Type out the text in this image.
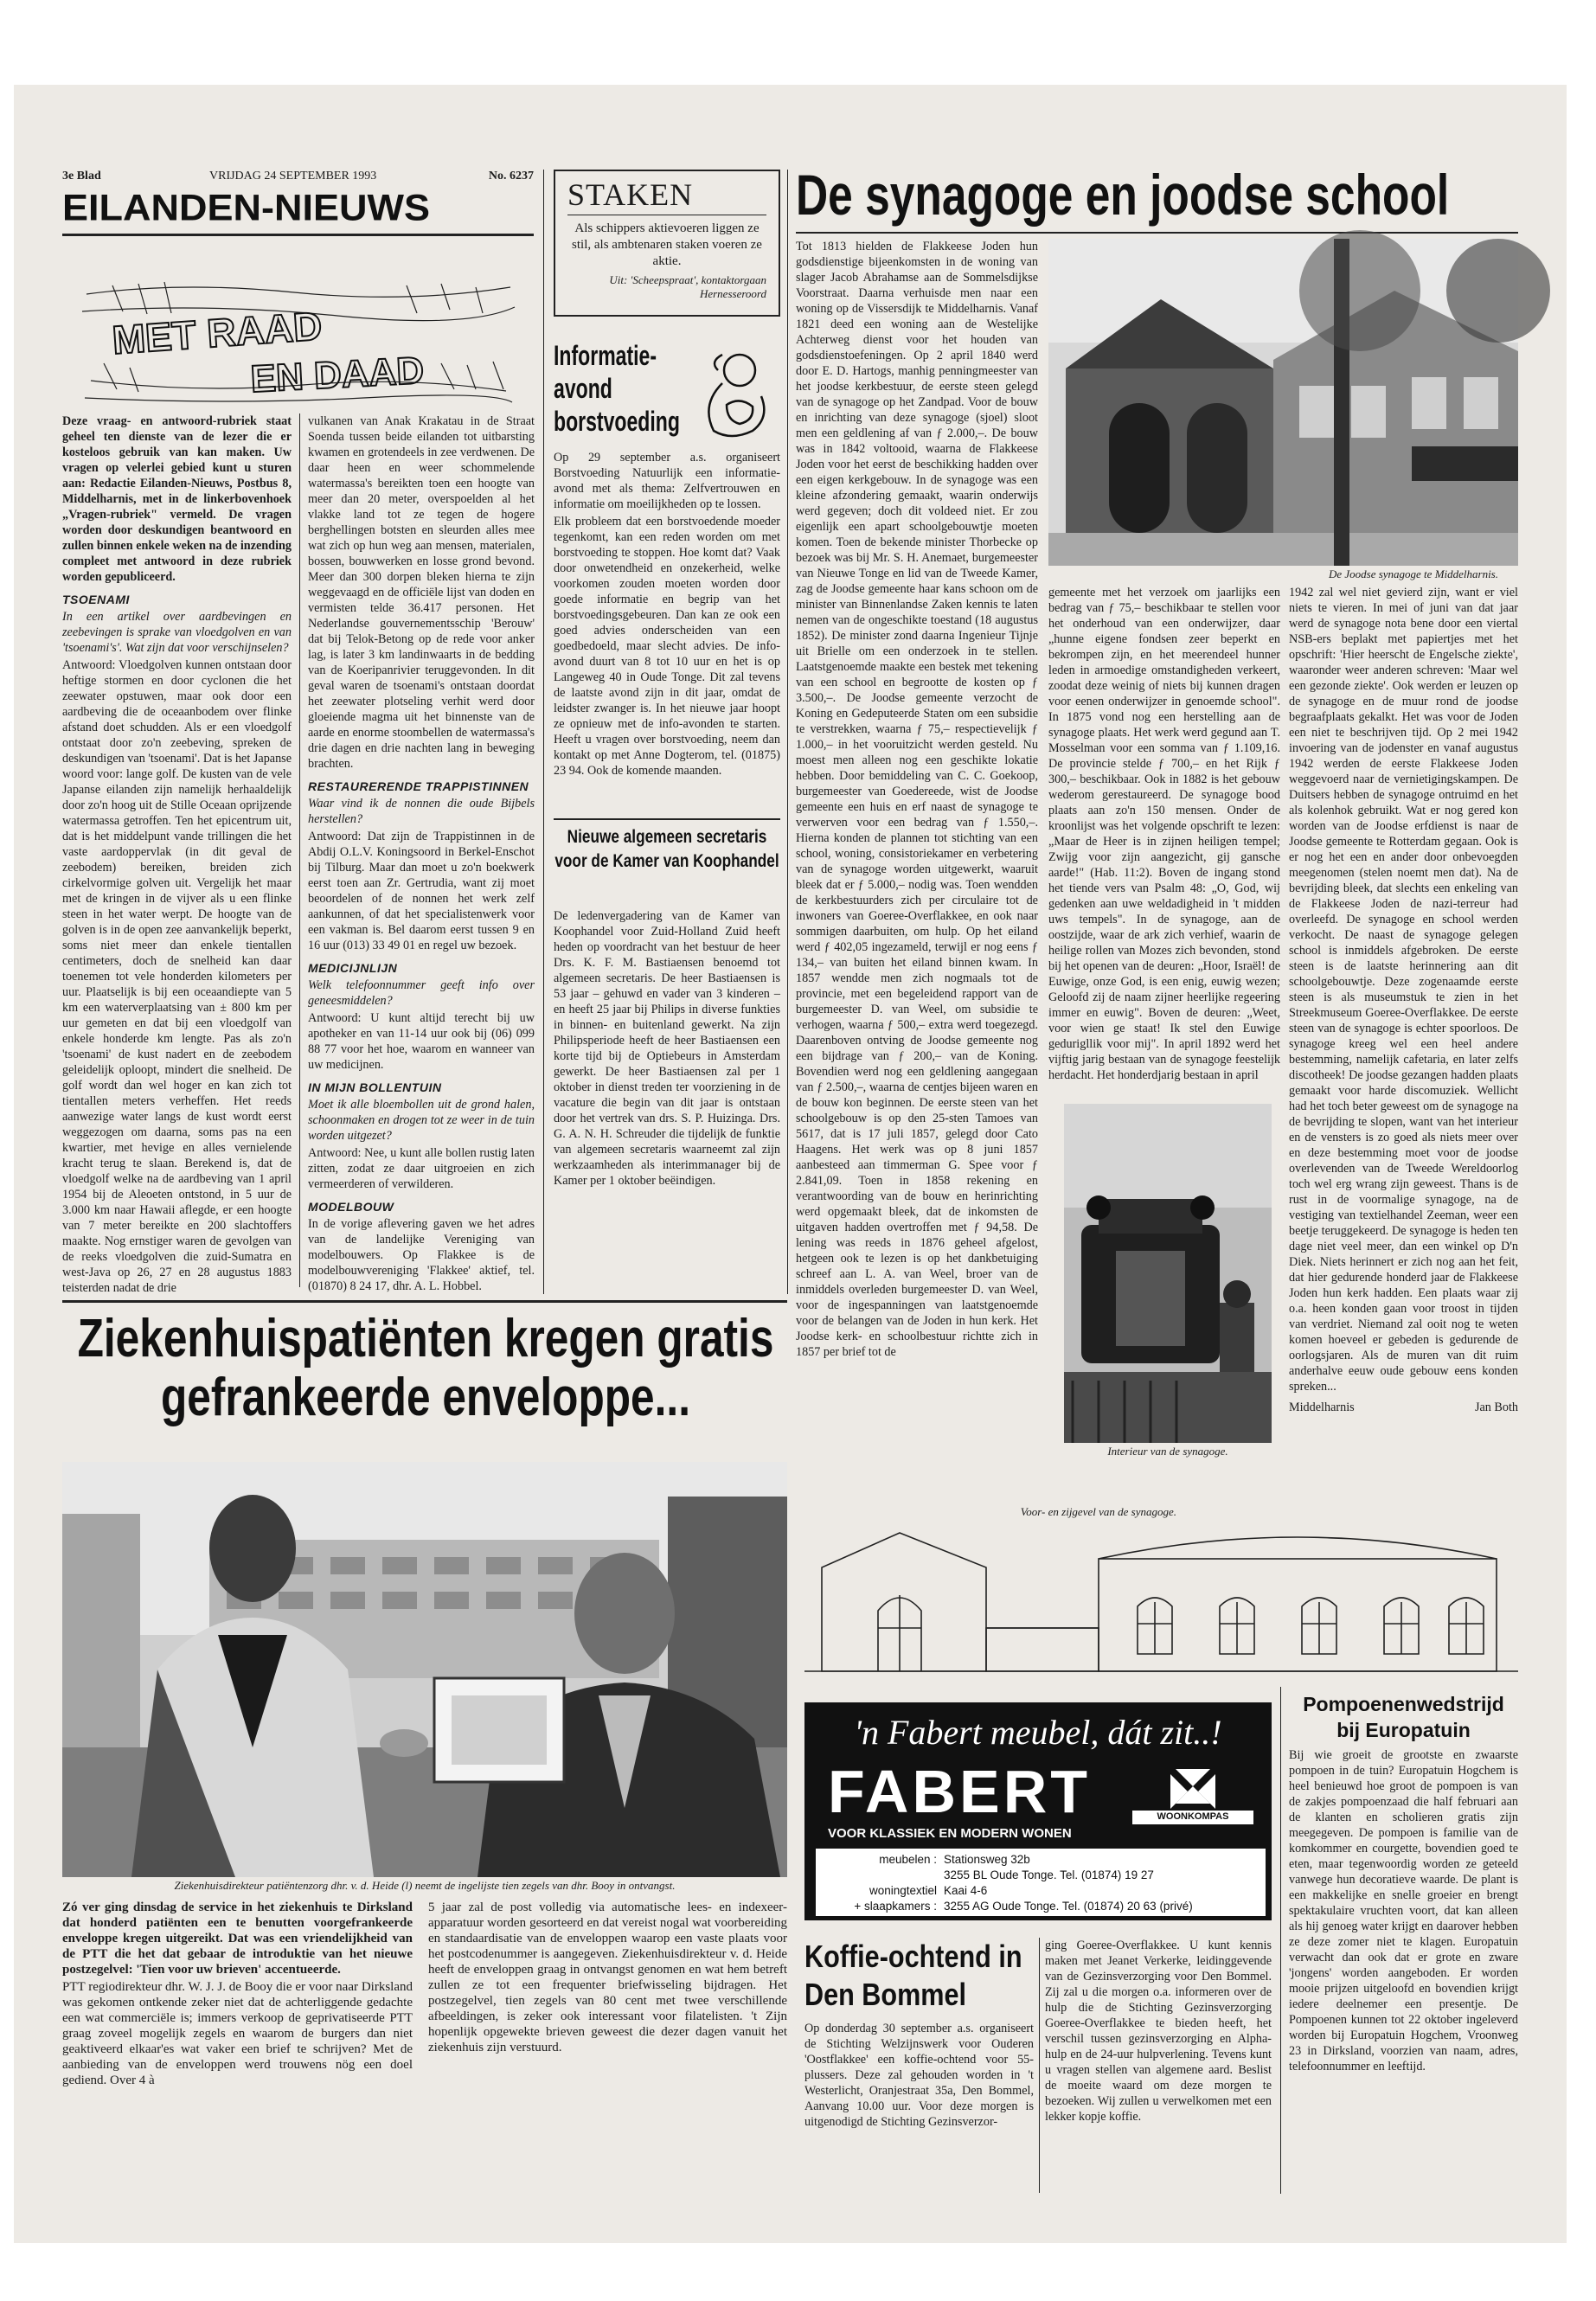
3e Blad	VRIJDAG 24 SEPTEMBER 1993	No. 6237
EILANDEN-NIEUWS
MET RAAD
EN DAAD

Deze vraag- en antwoord-rubriek staat geheel ten dienste van de lezer die er kosteloos gebruik van kan maken. Uw vragen op velerlei gebied kunt u sturen aan: Redactie Eilanden-Nieuws, Postbus 8, Middelharnis, met in de linkerbovenhoek „Vragen-rubriek" vermeld. De vragen worden door deskundigen beantwoord en zullen binnen enkele weken na de inzending compleet met antwoord in deze rubriek worden gepubliceerd.

TSOENAMI

In een artikel over aardbevingen en zeebevingen is sprake van vloedgolven en van 'tsoenami's'. Wat zijn dat voor verschijnselen?

Antwoord: Vloedgolven kunnen ontstaan door heftige stormen en door cyclonen die het zeewater opstuwen, maar ook door een aardbeving die de oceaanbodem over flinke afstand doet schudden. Als er een vloedgolf ontstaat door zo'n zeebeving, spreken de deskundigen van 'tsoenami'. Dat is het Japanse woord voor: lange golf. De kusten van de vele Japanse eilanden zijn namelijk herhaaldelijk door zo'n hoog uit de Stille Oceaan oprijzende watermassa getroffen. Ten het epicentrum uit, dat is het middelpunt vande trillingen die het vaste aardoppervlak (in dit geval de zeebodem) bereiken, breiden zich cirkelvormige golven uit. Vergelijk het maar met de kringen in de vijver als u een flinke steen in het water werpt. De hoogte van de golven is in de open zee aanvankelijk beperkt, soms niet meer dan enkele tientallen centimeters, doch de snelheid kan daar toenemen tot vele honderden kilometers per uur. Plaatselijk is bij een oceaandiepte van 5 km een waterverplaatsing van ± 800 km per uur gemeten en dat bij een vloedgolf van enkele honderde km lengte. Pas als zo'n 'tsoenami' de kust nadert en de zeebodem geleidelijk oploopt, mindert die snelheid. De golf wordt dan wel hoger en kan zich tot tientallen meters verheffen. Het reeds aanwezige water langs de kust wordt eerst weggezogen om daarna, soms pas na een kwartier, met hevige en alles vernielende kracht terug te slaan. Berekend is, dat de vloedgolf welke na de aardbeving van 1 april 1954 bij de Aleoeten ontstond, in 5 uur de 3.000 km naar Hawaii aflegde, er een hoogte van 7 meter bereikte en 200 slachtoffers maakte. Nog ernstiger waren de gevolgen van de reeks vloedgolven die zuid-Sumatra en west-Java op 26, 27 en 28 augustus 1883 teisterden nadat de drie

vulkanen van Anak Krakatau in de Straat Soenda tussen beide eilanden tot uitbarsting kwamen en grotendeels in zee verdwenen. De daar heen en weer schommelende watermassa's bereikten toen een hoogte van meer dan 20 meter, overspoelden al het vlakke land tot ze tegen de hogere berghellingen botsten en sleurden alles mee wat zich op hun weg aan mensen, materialen, bossen, bouwwerken en losse grond bevond. Meer dan 300 dorpen bleken hierna te zijn weggevaagd en de officiële lijst van doden en vermisten telde 36.417 personen. Het Nederlandse gouvernementsschip 'Berouw' dat bij Telok-Betong op de rede voor anker lag, is later 3 km landinwaarts in de bedding van de Koeripanrivier teruggevonden. In dit geval waren de tsoenami's ontstaan doordat het zeewater plotseling verhit werd door gloeiende magma uit het binnenste van de aarde en enorme stoombellen de watermassa's drie dagen en drie nachten lang in beweging brachten.

RESTAURERENDE TRAPPISTINNEN

Waar vind ik de nonnen die oude Bijbels herstellen?

Antwoord: Dat zijn de Trappistinnen in de Abdij O.L.V. Koningsoord in Berkel-Enschot bij Tilburg. Maar dan moet u zo'n boekwerk eerst toen aan Zr. Gertrudia, want zij moet beoordelen of de nonnen het werk zelf aankunnen, of dat het specialistenwerk voor een vakman is. Bel daarom eerst tussen 9 en 16 uur (013) 33 49 01 en regel uw bezoek.

MEDICIJNLIJN

Welk telefoonnummer geeft info over geneesmiddelen?

Antwoord: U kunt altijd terecht bij uw apotheker en van 11-14 uur ook bij (06) 099 88 77 voor het hoe, waarom en wanneer van uw medicijnen.

IN MIJN BOLLENTUIN

Moet ik alle bloembollen uit de grond halen, schoonmaken en drogen tot ze weer in de tuin worden uitgezet?

Antwoord: Nee, u kunt alle bollen rustig laten zitten, zodat ze daar uitgroeien en zich vermeerderen of verwilderen.

MODELBOUW

In de vorige aflevering gaven we het adres van de landelijke Vereniging van modelbouwers. Op Flakkee is de modelbouwvereniging 'Flakkee' aktief, tel. (01870) 8 24 17, dhr. A. L. Hobbel.

STAKEN
Als schippers aktievoeren liggen ze stil, als ambtenaren staken voeren ze aktie.
Uit: 'Scheepspraat', kontaktorgaan Hernesseroord
Informatie-avond borstvoeding

Op 29 september a.s. organiseert Borstvoeding Natuurlijk een informatie-avond met als thema: Zelfvertrouwen en informatie om moeilijkheden op te lossen.

Elk probleem dat een borstvoedende moeder tegenkomt, kan een reden worden om met borstvoeding te stoppen. Hoe komt dat? Vaak door onwetendheid en onzekerheid, welke voorkomen zouden moeten worden door goede informatie en begrip van het borstvoedingsgebeuren. Dan kan ze ook een goed advies onderscheiden van een goedbedoeld, maar slecht advies. De info-avond duurt van 8 tot 10 uur en het is op Langeweg 40 in Oude Tonge. Dit zal tevens de laatste avond zijn in dit jaar, omdat de leidster zwanger is. In het nieuwe jaar hoopt ze opnieuw met de info-avonden te starten. Heeft u vragen over borstvoeding, neem dan kontakt op met Anne Dogterom, tel. (01875) 23 94. Ook de komende maanden.

Nieuwe algemeen secretaris voor de Kamer van Koophandel

De ledenvergadering van de Kamer van Koophandel voor Zuid-Holland Zuid heeft heden op voordracht van het bestuur de heer Drs. K. F. M. Bastiaensen benoemd tot algemeen secretaris. De heer Bastiaensen is 53 jaar – gehuwd en vader van 3 kinderen – en heeft 25 jaar bij Philips in diverse funkties in binnen- en buitenland gewerkt. Na zijn Philipsperiode heeft de heer Bastiaensen een korte tijd bij de Optiebeurs in Amsterdam gewerkt. De heer Bastiaensen zal per 1 oktober in dienst treden ter voorziening in de vacature die begin van dit jaar is ontstaan door het vertrek van drs. S. P. Huizinga. Drs. G. A. N. H. Schreuder die tijdelijk de funktie van algemeen secretaris waarneemt zal zijn werkzaamheden als interimmanager bij de Kamer per 1 oktober beëindigen.

De synagoge en joodse school

Tot 1813 hielden de Flakkeese Joden hun godsdienstige bijeenkomsten in de woning van slager Jacob Abrahamse aan de Sommelsdijkse Voorstraat. Daarna verhuisde men naar een woning op de Vissersdijk te Middelharnis. Vanaf 1821 deed een woning aan de Westelijke Achterweg dienst voor het houden van godsdienstoefeningen. Op 2 april 1840 werd door E. D. Hartogs, manhig penningmeester van het joodse kerkbestuur, de eerste steen gelegd van de synagoge op het Zandpad. Voor de bouw en inrichting van deze synagoge (sjoel) sloot men een geldlening af van ƒ 2.000,–. De bouw was in 1842 voltooid, waarna de Flakkeese Joden voor het eerst de beschikking hadden over een eigen kerkgebouw. In de synagoge was een kleine afzondering gemaakt, waarin onderwijs werd gegeven; doch dit voldeed niet. Er zou eigenlijk een apart schoolgebouwtje moeten komen. Toen de bekende minister Thorbecke op bezoek was bij Mr. S. H. Anemaet, burgemeester van Nieuwe Tonge en lid van de Tweede Kamer, zag de Joodse gemeente haar kans schoon om de minister van Binnenlandse Zaken kennis te laten nemen van de ongeschikte toestand (18 augustus 1852). De minister zond daarna Ingenieur Tijnje uit Brielle om een onderzoek in te stellen. Laatstgenoemde maakte een bestek met tekening van een school en begrootte de kosten op ƒ 3.500,–. De Joodse gemeente verzocht de Koning en Gedeputeerde Staten om een subsidie te verstrekken, waarna ƒ 75,– respectievelijk ƒ 1.000,– in het vooruitzicht werden gesteld. Nu moest men alleen nog een geschikte lokatie hebben. Door bemiddeling van C. C. Goekoop, burgemeester van Goedereede, wist de Joodse gemeente een huis en erf naast de synagoge te verwerven voor een bedrag van ƒ 1.550,–. Hierna konden de plannen tot stichting van een school, woning, consistoriekamer en verbetering van de synagoge worden uitgewerkt, waaruit bleek dat er ƒ 5.000,– nodig was. Toen wendden de kerkbestuurders zich per circulaire tot de inwoners van Goeree-Overflakkee, en ook naar sommigen daarbuiten, om hulp. Op het eiland werd ƒ 402,05 ingezameld, terwijl er nog eens ƒ 134,– van buiten het eiland binnen kwam. In 1857 wendde men zich nogmaals tot de provincie, met een begeleidend rapport van de burgemeester D. van Weel, om subsidie te verhogen, waarna ƒ 500,– extra werd toegezegd. Daarenboven ontving de Joodse gemeente nog een bijdrage van ƒ 200,– van de Koning. Bovendien werd nog een geldlening aangegaan van ƒ 2.500,–, waarna de centjes bijeen waren en de bouw kon beginnen. De eerste steen van het schoolgebouw is op den 25-sten Tamoes van 5617, dat is 17 juli 1857, gelegd door Cato Haagens. Het werk was op 8 juni 1857 aanbesteed aan timmerman G. Spee voor ƒ 2.841,09. Toen in 1858 rekening en verantwoording van de bouw en herinrichting werd opgemaakt bleek, dat de inkomsten de uitgaven hadden overtroffen met ƒ 94,58. De lening was reeds in 1876 geheel afgelost, hetgeen ook te lezen is op het dankbetuiging schreef aan L. A. van Weel, broer van de inmiddels overleden burgemeester D. van Weel, voor de ingespanningen van laatstgenoemde voor de belangen van de Joden in hun kerk. Het Joodse kerk- en schoolbestuur richtte zich in 1857 per brief tot de

De Joodse synagoge te Middelharnis.

gemeente met het verzoek om jaarlijks een bedrag van ƒ 75,– beschikbaar te stellen voor het onderhoud van een onderwijzer, daar „hunne eigene fondsen zeer beperkt en bekrompen zijn, en het meerendeel hunner leden in armoedige omstandigheden verkeert, zoodat deze weinig of niets bij kunnen dragen voor eenen onderwijzer in genoemde school". In 1875 vond nog een herstelling aan de synagoge plaats. Het werk werd gegund aan T. Mosselman voor een somma van ƒ 1.109,16. De provincie stelde ƒ 700,– en het Rijk ƒ 300,– beschikbaar. Ook in 1882 is het gebouw wederom gerestaureerd. De synagoge bood plaats aan zo'n 150 mensen. Onder de kroonlijst was het volgende opschrift te lezen: „Maar de Heer is in zijnen heiligen tempel; Zwijg voor zijn aangezicht, gij gansche aarde!" (Hab. 11:2). Boven de ingang stond het tiende vers van Psalm 48: „O, God, wij gedenken aan uwe weldadigheid in 't midden uws tempels". In de synagoge, aan de oostzijde, waar de ark zich verhief, waarin de heilige rollen van Mozes zich bevonden, stond bij het openen van de deuren: „Hoor, Israël! de Euwige, onze God, is een enig, euwig wezen; Geloofd zij de naam zijner heerlijke regeering immer en euwig". Boven de deuren: „Weet, voor wien ge staat! Ik stel den Euwige gedurigllik voor mij". In april 1892 werd het vijftig jarig bestaan van de synagoge feestelijk herdacht. Het honderdjarig bestaan in april

1942 zal wel niet gevierd zijn, want er viel niets te vieren. In mei of juni van dat jaar werd de synagoge nota bene door een viertal NSB-ers beplakt met papiertjes met het opschrift: 'Hier heerscht de Engelsche ziekte', waaronder weer anderen schreven: 'Maar wel een gezonde ziekte'. Ook werden er leuzen op de synagoge en de muur rond de joodse begraafplaats gekalkt. Het was voor de Joden een niet te beschrijven tijd. Op 2 mei 1942 invoering van de jodenster en vanaf augustus 1942 werden de eerste Flakkeese Joden weggevoerd naar de vernietigingskampen. De Duitsers hebben de synagoge ontruimd en het als kolenhok gebruikt. Wat er nog gered kon worden van de Joodse erfdienst is naar de Joodse gemeente te Rotterdam gegaan. Ook is er nog het een en ander door onbevoegden meegenomen (stelen noemt men dat). Na de bevrijding bleek, dat slechts een enkeling van de Flakkeese Joden de nazi-terreur had overleefd. De synagoge en school werden verkocht. De naast de synagoge gelegen school is inmiddels afgebroken. De eerste steen is de laatste herinnering aan dit schoolgebouwtje. Deze zogenaamde eerste steen is als museumstuk te zien in het Streekmuseum Goeree-Overflakkee. De eerste steen van de synagoge is echter spoorloos. De synagoge kreeg wel een heel andere bestemming, namelijk cafetaria, en later zelfs discotheek! De joodse gezangen hadden plaats gemaakt voor harde discomuziek. Wellicht had het toch beter geweest om de synagoge na de bevrijding te slopen, want van het interieur en de vensters is zo goed als niets meer over en deze bestemming moet voor de joodse overlevenden van de Tweede Wereldoorlog toch wel erg wrang zijn geweest. Thans is de rust in de voormalige synagoge, na de vestiging van textielhandel Zeeman, weer een beetje teruggekeerd. De synagoge is heden ten dage niet veel meer, dan een winkel op D'n Diek. Niets herinnert er zich nog aan het feit, dat hier gedurende honderd jaar de Flakkeese Joden hun kerk hadden. Een plaats waar zij o.a. heen konden gaan voor troost in tijden van verdriet. Niemand zal ooit nog te weten komen hoeveel er gebeden is gedurende de oorlogsjaren. Als de muren van dit ruim anderhalve eeuw oude gebouw eens konden spreken...

Middelharnis	Jan Both

Interieur van de synagoge.
Voor- en zijgevel van de synagoge.
Ziekenhuispatiënten kregen gratis
gefrankeerde enveloppe...
Ziekenhuisdirekteur patiëntenzorg dhr. v. d. Heide (l) neemt de ingelijste tien zegels van dhr. Booy in ontvangst.

Zó ver ging dinsdag de service in het ziekenhuis te Dirksland dat honderd patiënten een te benutten voorgefrankeerde enveloppe kregen uitgereikt. Dat was een vriendelijkheid van de PTT die het dat gebaar de introduktie van het nieuwe postzegelvel: 'Tien voor uw brieven' accentueerde.

PTT regiodirekteur dhr. W. J. J. de Booy die er voor naar Dirksland was gekomen ontkende zeker niet dat de achterliggende gedachte een wat commerciële is; immers verkoop de geprivatiseerde PTT graag zoveel mogelijk zegels en waarom de burgers dan niet geaktiveerd elkaar'es wat vaker een brief te schrijven? Met de aanbieding van de enveloppen werd trouwens nög een doel gediend. Over 4 à

5 jaar zal de post volledig via automatische lees- en indexeer-apparatuur worden gesorteerd en dat vereist nogal wat voorbereiding en standaardisatie van de enveloppen waarop een vaste plaats voor het postcodenummer is aangegeven. Ziekenhuisdirekteur v. d. Heide heeft de enveloppen graag in ontvangst genomen en wat hem betreft zullen ze tot een frequenter briefwisseling bijdragen. Het postzegelvel, tien zegels van 80 cent met twee verschillende afbeeldingen, is zeker ook interessant voor filatelisten. 't Zijn hopenlijk opgewekte brieven geweest die dezer dagen vanuit het ziekenhuis zijn verstuurd.

'n Fabert meubel, dát zit..!
FABERT	WOONKOMPAS
VOOR KLASSIEK EN MODERN WONEN
meubelen : Stationsweg 32b
3255 BL Oude Tonge. Tel. (01874) 19 27
woningtextiel Kaai 4-6
+ slaapkamers : 3255 AG Oude Tonge. Tel. (01874) 20 63 (privé)
Koffie-ochtend in Den Bommel

Op donderdag 30 september a.s. organiseert de Stichting Welzijnswerk voor Ouderen 'Oostflakkee' een koffie-ochtend voor 55-plussers. Deze zal gehouden worden in 't Westerlicht, Oranjestraat 35a, Den Bommel, Aanvang 10.00 uur. Voor deze morgen is uitgenodigd de Stichting Gezinsverzor-

ging Goeree-Overflakkee. U kunt kennis maken met Jeanet Verkerke, leidinggevende van de Gezinsverzorging voor Den Bommel. Zij zal u die morgen o.a. informeren over de hulp die de Stichting Gezinsverzorging Goeree-Overflakkee te bieden heeft, het verschil tussen gezinsverzorging en Alpha-hulp en de 24-uur hulpverlening. Tevens kunt u vragen stellen van algemene aard. Beslist de moeite waard om deze morgen te bezoeken. Wij zullen u verwelkomen met een lekker kopje koffie.

Pompoenenwedstrijd bij Europatuin

Bij wie groeit de grootste en zwaarste pompoen in de tuin? Europatuin Hogchem is heel benieuwd hoe groot de pompoen is van de zakjes pompoenzaad die half februari aan de klanten en scholieren gratis zijn meegegeven. De pompoen is familie van de komkommer en courgette, bovendien goed te eten, maar tegenwoordig worden ze geteeld vanwege hun decoratieve waarde. De plant is een makkelijke en snelle groeier en brengt spektakulaire vruchten voort, dat kan alleen als hij genoeg water krijgt en daarover hebben ze deze zomer niet te klagen. Europatuin verwacht dan ook dat er grote en zware 'jongens' worden aangeboden. Er worden mooie prijzen uitgeloofd en bovendien krijgt iedere deelnemer een presentje. De Pompoenen kunnen tot 22 oktober ingeleverd worden bij Europatuin Hogchem, Vroonweg 23 in Dirksland, voorzien van naam, adres, telefoonnummer en leeftijd.
